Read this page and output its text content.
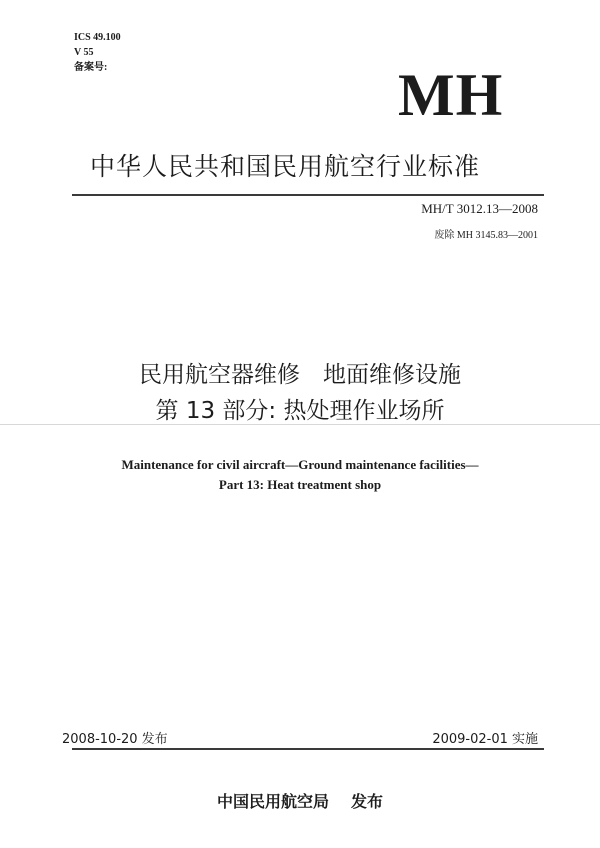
ICS 49.100
V 55
备案号:	MH
中华人民共和国民用航空行业标准
MH/T 3012.13—2008
废除 MH 3145.83—2001
民用航空器维修　地面维修设施
第 13 部分: 热处理作业场所
Maintenance for civil aircraft—Ground maintenance facilities—
Part 13: Heat treatment shop
2008-10-20 发布	2009-02-01 实施
中国民用航空局 发布
